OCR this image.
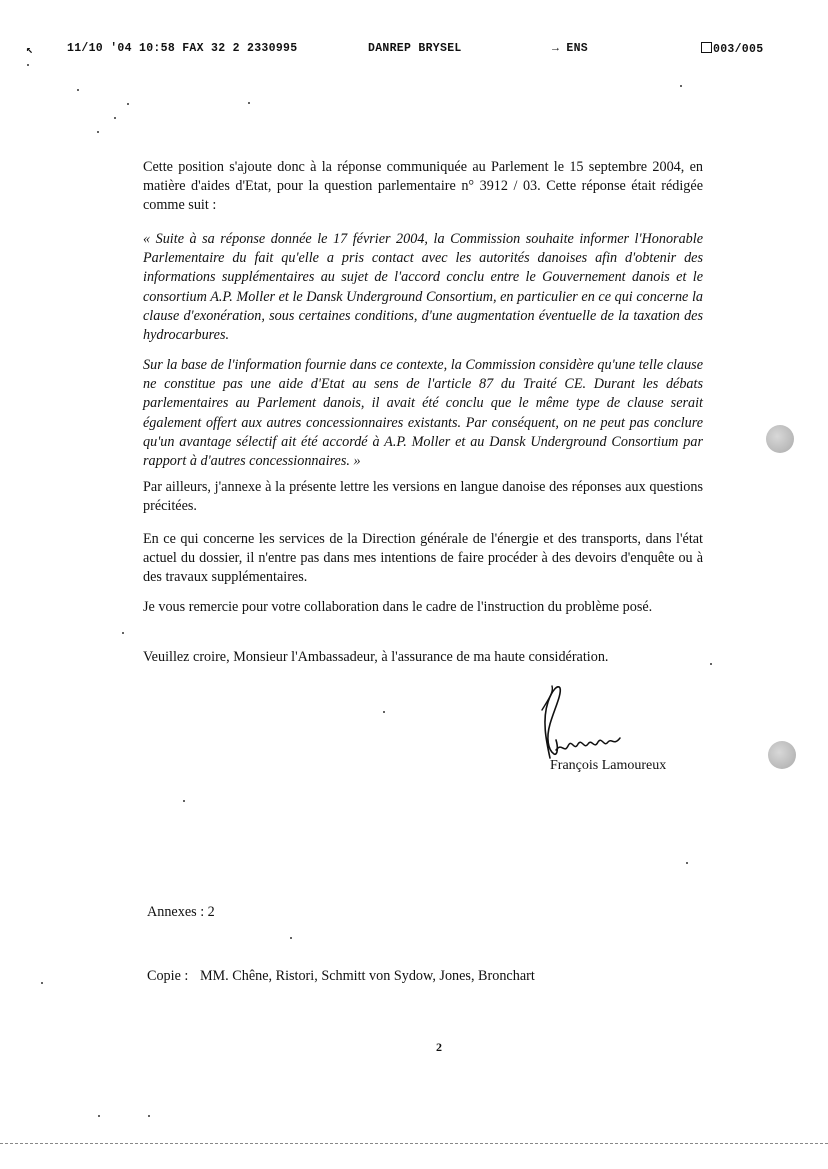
↖	11/10 '04 10:58 FAX 32 2 2330995	DANREP BRYSEL	→ ENS	003/005

Cette position s'ajoute donc à la réponse communiquée au Parlement le 15 septembre 2004, en matière d'aides d'Etat, pour la question parlementaire n° 3912 / 03. Cette réponse était rédigée comme suit :

« Suite à sa réponse donnée le 17 février 2004, la Commission souhaite informer l'Honorable Parlementaire du fait qu'elle a pris contact avec les autorités danoises afin d'obtenir des informations supplémentaires au sujet de l'accord conclu entre le Gouvernement danois et le consortium A.P. Moller et le Dansk Underground Consortium, en particulier en ce qui concerne la clause d'exonération, sous certaines conditions, d'une augmentation éventuelle de la taxation des hydrocarbures.

Sur la base de l'information fournie dans ce contexte, la Commission considère qu'une telle clause ne constitue pas une aide d'Etat au sens de l'article 87 du Traité CE. Durant les débats parlementaires au Parlement danois, il avait été conclu que le même type de clause serait également offert aux autres concessionnaires existants. Par conséquent, on ne peut pas conclure qu'un avantage sélectif ait été accordé à A.P. Moller et au Dansk Underground Consortium par rapport à d'autres concessionnaires. »

Par ailleurs, j'annexe à la présente lettre les versions en langue danoise des réponses aux questions précitées.

En ce qui concerne les services de la Direction générale de l'énergie et des transports, dans l'état actuel du dossier, il n'entre pas dans mes intentions de faire procéder à des devoirs d'enquête ou à des travaux supplémentaires.

Je vous remercie pour votre collaboration dans le cadre de l'instruction du problème posé.

Veuillez croire, Monsieur l'Ambassadeur, à l'assurance de ma haute considération.

François Lamoureux
Annexes : 2
Copie : MM. Chêne, Ristori, Schmitt von Sydow, Jones, Bronchart
2
